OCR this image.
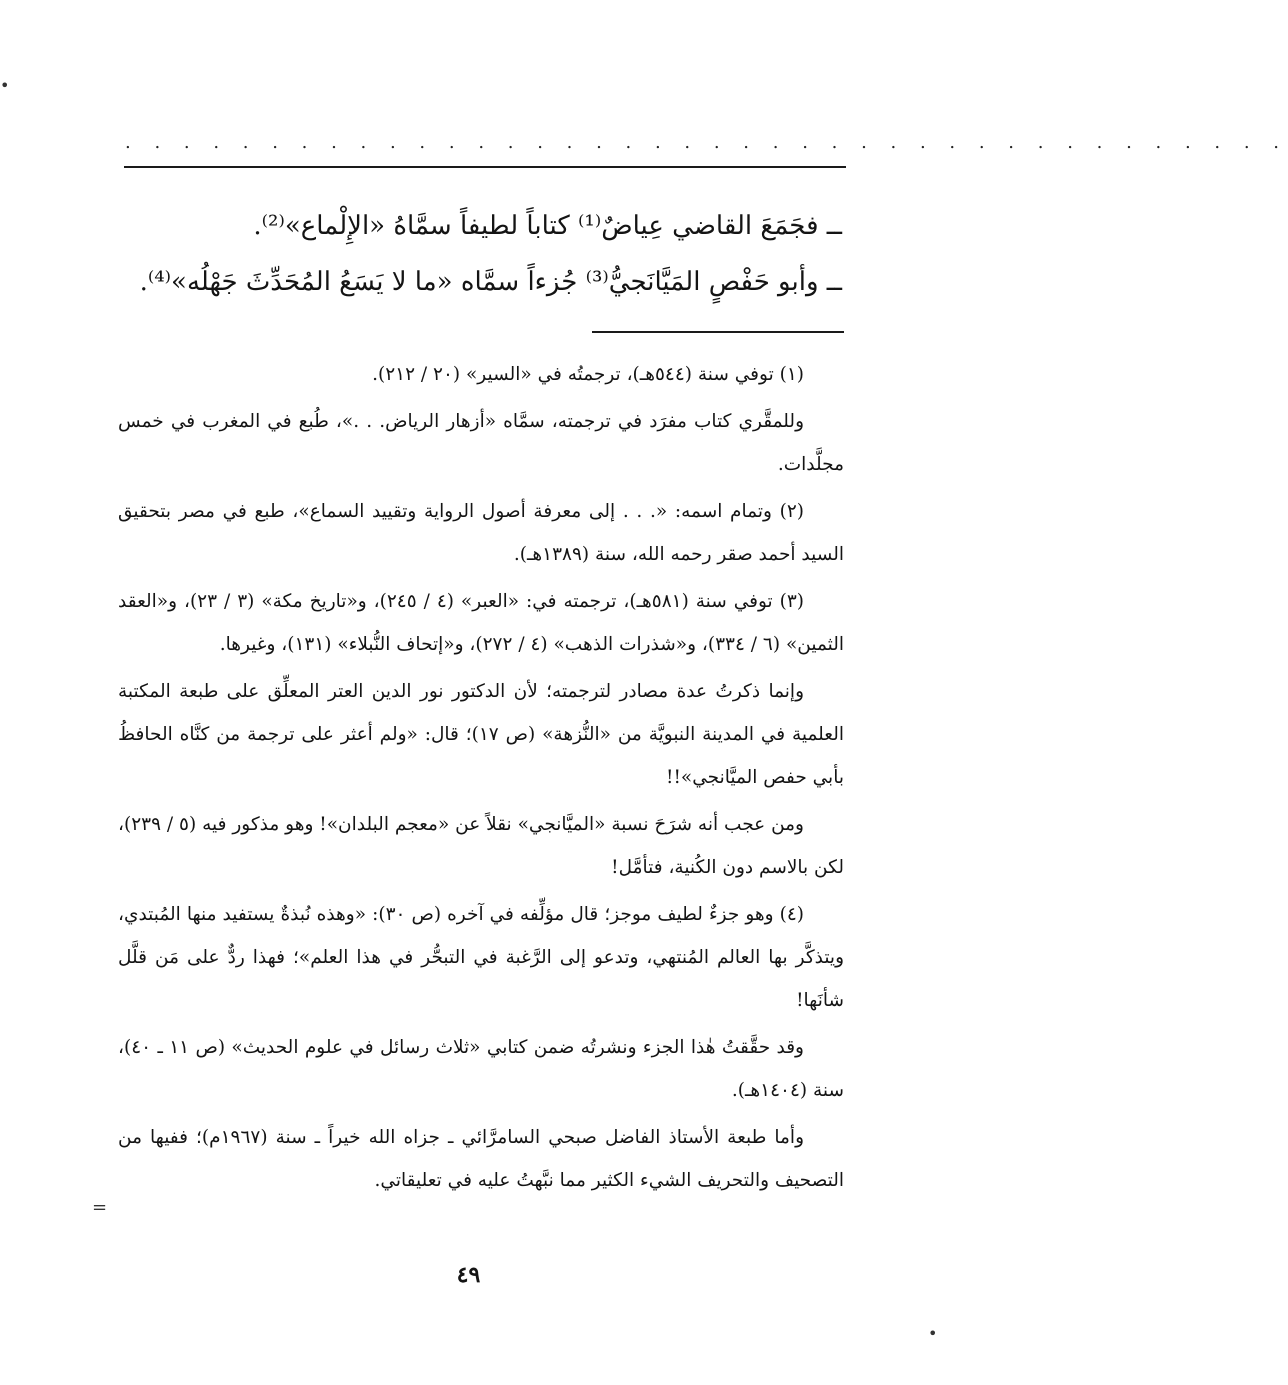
•
. . . . . . . . . . . . . . . . . . . . . . . . . . . . . . . . . . . . . . . .

ــ فجَمَعَ القاضي عِياضٌ⁽¹⁾ كتاباً لطيفاً سمَّاهُ «الإِلْماع»⁽²⁾.

ــ وأبو حَفْصٍ المَيَّانَجيُّ⁽³⁾ جُزءاً سمَّاه «ما لا يَسَعُ المُحَدِّثَ جَهْلُه»⁽⁴⁾.

(١) توفي سنة (٥٤٤هـ)، ترجمتُه في «السير» (٢٠ / ٢١٢).

وللمقَّري كتاب مفرَد في ترجمته، سمَّاه «أزهار الرياض. . .»، طُبع في المغرب في خمس مجلَّدات.

(٢) وتمام اسمه: «. . . إلى معرفة أصول الرواية وتقييد السماع»، طبع في مصر بتحقيق السيد أحمد صقر رحمه الله، سنة (١٣٨٩هـ).

(٣) توفي سنة (٥٨١هـ)، ترجمته في: «العبر» (٤ / ٢٤٥)، و«تاريخ مكة» (٣ / ٢٣)، و«العقد الثمين» (٦ / ٣٣٤)، و«شذرات الذهب» (٤ / ٢٧٢)، و«إتحاف النُّبلاء» (١٣١)، وغيرها.

وإنما ذكرتُ عدة مصادر لترجمته؛ لأن الدكتور نور الدين العتر المعلِّق على طبعة المكتبة العلمية في المدينة النبويَّة من «النُّزهة» (ص ١٧)؛ قال: «ولم أعثر على ترجمة من كنَّاه الحافظُ بأبي حفص الميَّانجي»!!

ومن عجب أنه شرَحَ نسبة «الميَّانجي» نقلاً عن «معجم البلدان»! وهو مذكور فيه (٥ / ٢٣٩)، لكن بالاسم دون الكُنية، فتأمَّل!

(٤) وهو جزءٌ لطيف موجز؛ قال مؤلِّفه في آخره (ص ٣٠): «وهذه نُبذةٌ يستفيد منها المُبتدي، ويتذكَّر بها العالم المُنتهي، وتدعو إلى الرَّغبة في التبحُّر في هذا العلم»؛ فهذا ردٌّ على مَن قلَّل شأنَها!

وقد حقَّقتُ هٰذا الجزء ونشرتُه ضمن كتابي «ثلاث رسائل في علوم الحديث» (ص ١١ ـ ٤٠)، سنة (١٤٠٤هـ).

وأما طبعة الأستاذ الفاضل صبحي السامرَّائي ـ جزاه الله خيراً ـ سنة (١٩٦٧م)؛ ففيها من التصحيف والتحريف الشيء الكثير مما نبَّهتُ عليه في تعليقاتي.

=
٤٩
•
